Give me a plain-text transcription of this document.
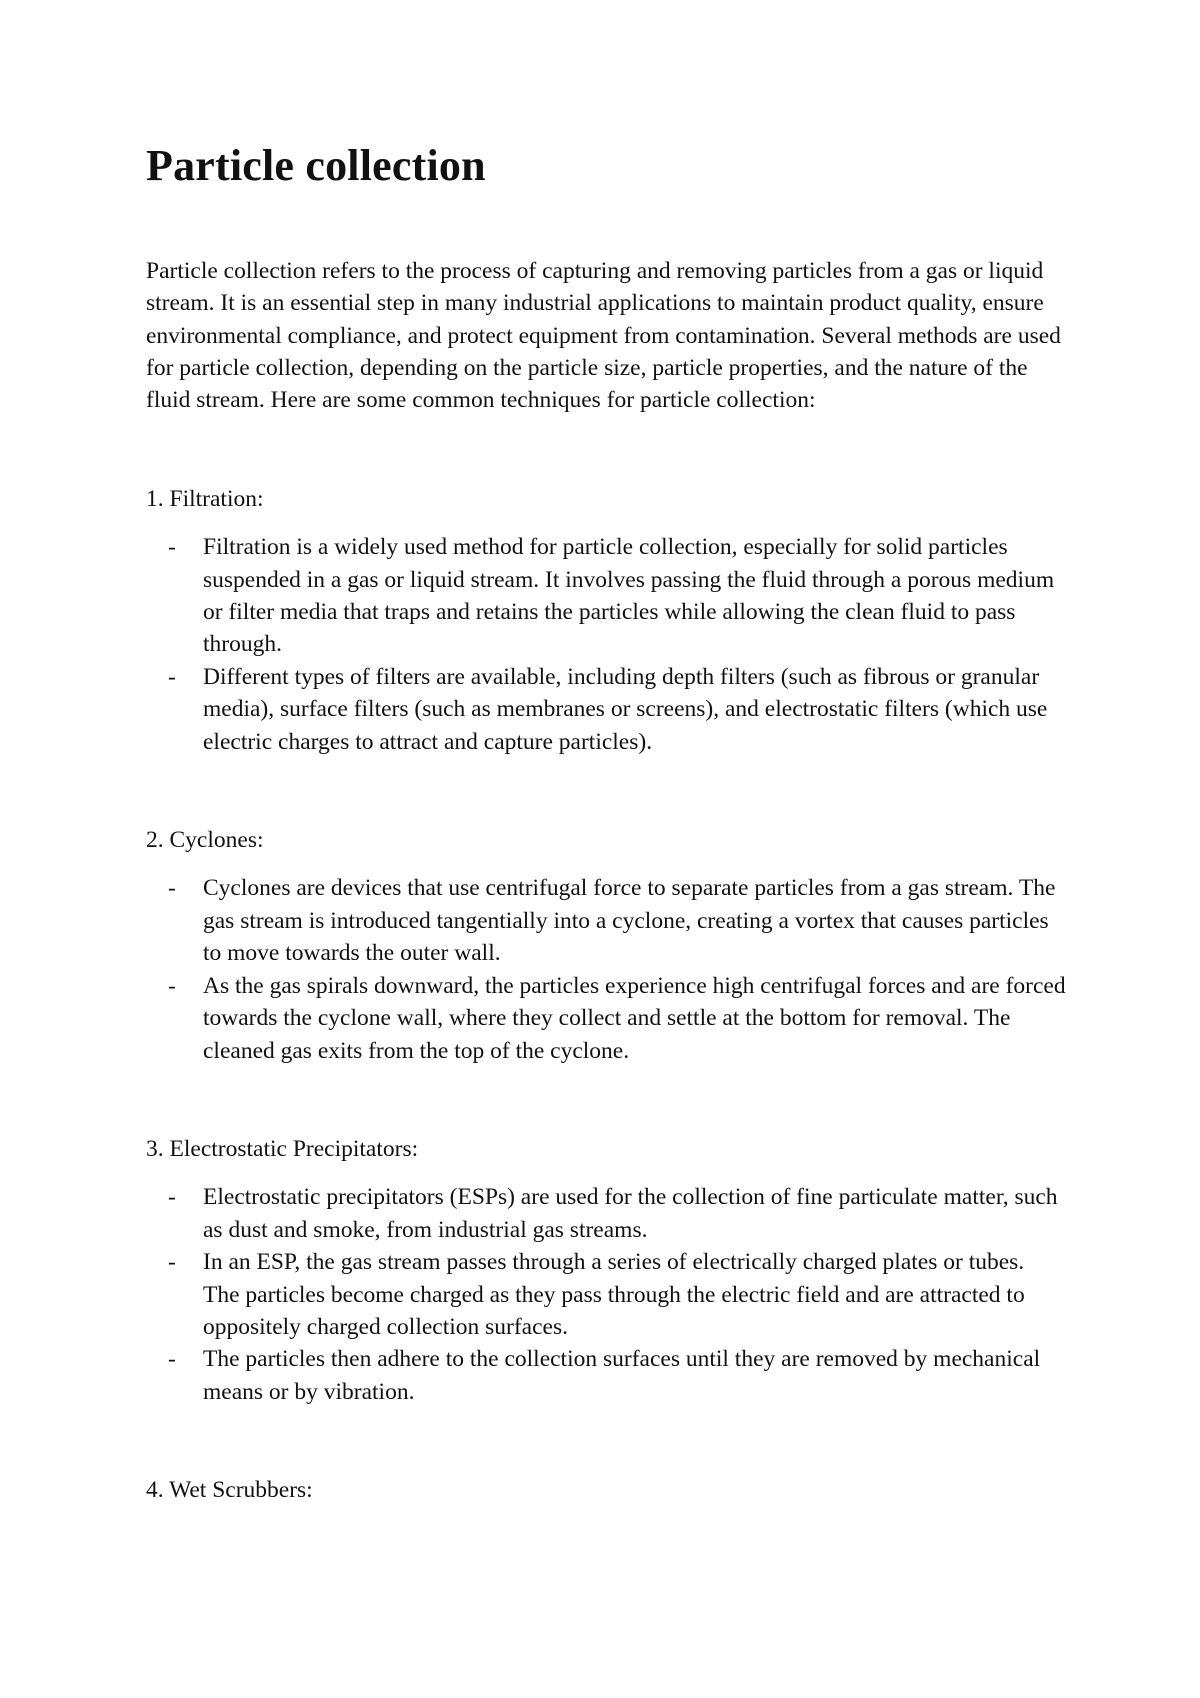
Particle collection

Particle collection refers to the process of capturing and removing particles from a gas or liquid stream. It is an essential step in many industrial applications to maintain product quality, ensure environmental compliance, and protect equipment from contamination. Several methods are used for particle collection, depending on the particle size, particle properties, and the nature of the fluid stream. Here are some common techniques for particle collection:

1. Filtration:

- Filtration is a widely used method for particle collection, especially for solid particles suspended in a gas or liquid stream. It involves passing the fluid through a porous medium or filter media that traps and retains the particles while allowing the clean fluid to pass through.
- Different types of filters are available, including depth filters (such as fibrous or granular media), surface filters (such as membranes or screens), and electrostatic filters (which use electric charges to attract and capture particles).

2. Cyclones:

- Cyclones are devices that use centrifugal force to separate particles from a gas stream. The gas stream is introduced tangentially into a cyclone, creating a vortex that causes particles to move towards the outer wall.
- As the gas spirals downward, the particles experience high centrifugal forces and are forced towards the cyclone wall, where they collect and settle at the bottom for removal. The cleaned gas exits from the top of the cyclone.

3. Electrostatic Precipitators:

- Electrostatic precipitators (ESPs) are used for the collection of fine particulate matter, such as dust and smoke, from industrial gas streams.
- In an ESP, the gas stream passes through a series of electrically charged plates or tubes. The particles become charged as they pass through the electric field and are attracted to oppositely charged collection surfaces.
- The particles then adhere to the collection surfaces until they are removed by mechanical means or by vibration.

4. Wet Scrubbers:
